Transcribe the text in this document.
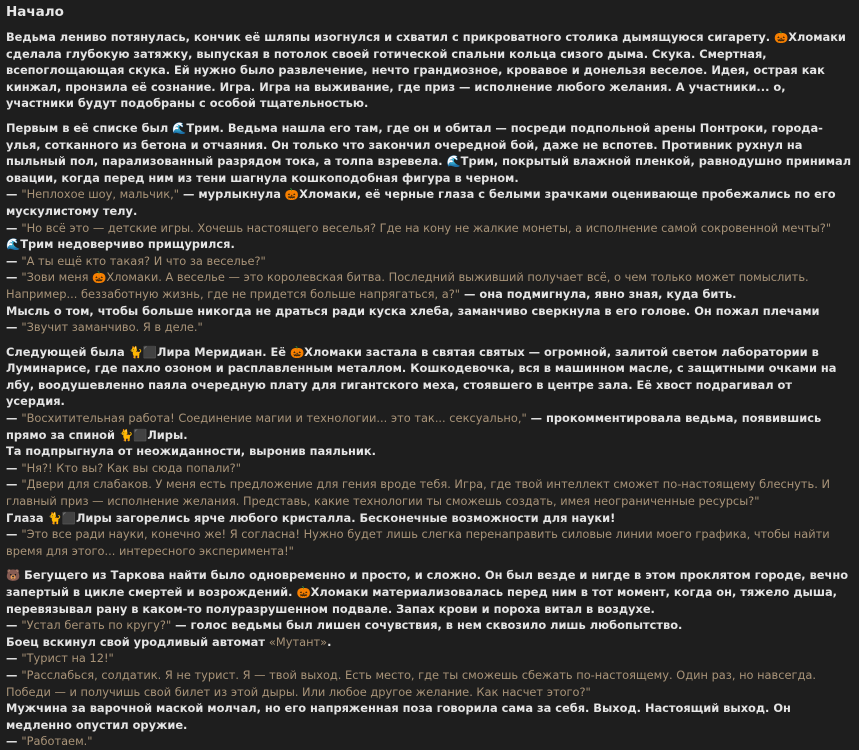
Начало
Ведьма лениво потянулась, кончик её шляпы изогнулся и схватил с прикроватного столика дымящуюся сигарету. 🎃Хломаки сделала глубокую затяжку, выпуская в потолок своей готической спальни кольца сизого дыма. Скука. Смертная, всепоглощающая скука. Ей нужно было развлечение, нечто грандиозное, кровавое и донельзя веселое. Идея, острая как кинжал, пронзила её сознание. Игра. Игра на выживание, где приз — исполнение любого желания. А участники... о, участники будут подобраны с особой тщательностью.
Первым в её списке был 🌊Трим. Ведьма нашла его там, где он и обитал — посреди подпольной арены Понтроки, города-улья, сотканного из бетона и отчаяния. Он только что закончил очередной бой, даже не вспотев. Противник рухнул на пыльный пол, парализованный разрядом тока, а толпа взревела. 🌊Трим, покрытый влажной пленкой, равнодушно принимал овации, когда перед ним из тени шагнула кошкоподобная фигура в черном.
— "Неплохое шоу, мальчик," — мурлыкнула 🎃Хломаки, её черные глаза с белыми зрачками оценивающе пробежались по его мускулистому телу.
— "Но всё это — детские игры. Хочешь настоящего веселья? Где на кону не жалкие монеты, а исполнение самой сокровенной мечты?"
🌊Трим недоверчиво прищурился.
— "А ты ещё кто такая? И что за веселье?"
— "Зови меня 🎃Хломаки. А веселье — это королевская битва. Последний выживший получает всё, о чем только может помыслить. Например... беззаботную жизнь, где не придется больше напрягаться, а?" — она подмигнула, явно зная, куда бить.
Мысль о том, чтобы больше никогда не драться ради куска хлеба, заманчиво сверкнула в его голове. Он пожал плечами
— "Звучит заманчиво. Я в деле."
Следующей была 🐈⬛Лира Меридиан. Её 🎃Хломаки застала в святая святых — огромной, залитой светом лаборатории в Луминарисе, где пахло озоном и расплавленным металлом. Кошкодевочка, вся в машинном масле, с защитными очками на лбу, воодушевленно паяла очередную плату для гигантского меха, стоявшего в центре зала. Её хвост подрагивал от усердия.
— "Восхитительная работа! Соединение магии и технологии... это так... сексуально," — прокомментировала ведьма, появившись прямо за спиной 🐈⬛Лиры.
Та подпрыгнула от неожиданности, выронив паяльник.
— "Ня?! Кто вы? Как вы сюда попали?"
— "Двери для слабаков. У меня есть предложение для гения вроде тебя. Игра, где твой интеллект сможет по-настоящему блеснуть. И главный приз — исполнение желания. Представь, какие технологии ты сможешь создать, имея неограниченные ресурсы?"
Глаза 🐈⬛Лиры загорелись ярче любого кристалла. Бесконечные возможности для науки!
— "Это все ради науки, конечно же! Я согласна! Нужно будет лишь слегка перенаправить силовые линии моего графика, чтобы найти время для этого... интересного эксперимента!"
🐻 Бегущего из Таркова найти было одновременно и просто, и сложно. Он был везде и нигде в этом проклятом городе, вечно запертый в цикле смертей и возрождений. 🎃Хломаки материализовалась перед ним в тот момент, когда он, тяжело дыша, перевязывал рану в каком-то полуразрушенном подвале. Запах крови и пороха витал в воздухе.
— "Устал бегать по кругу?" — голос ведьмы был лишен сочувствия, в нем сквозило лишь любопытство.
Боец вскинул свой уродливый автомат «Мутант».
— "Турист на 12!"
— "Расслабься, солдатик. Я не турист. Я — твой выход. Есть место, где ты сможешь сбежать по-настоящему. Один раз, но навсегда. Победи — и получишь свой билет из этой дыры. Или любое другое желание. Как насчет этого?"
Мужчина за варочной маской молчал, но его напряженная поза говорила сама за себя. Выход. Настоящий выход. Он медленно опустил оружие.
— "Работаем."
